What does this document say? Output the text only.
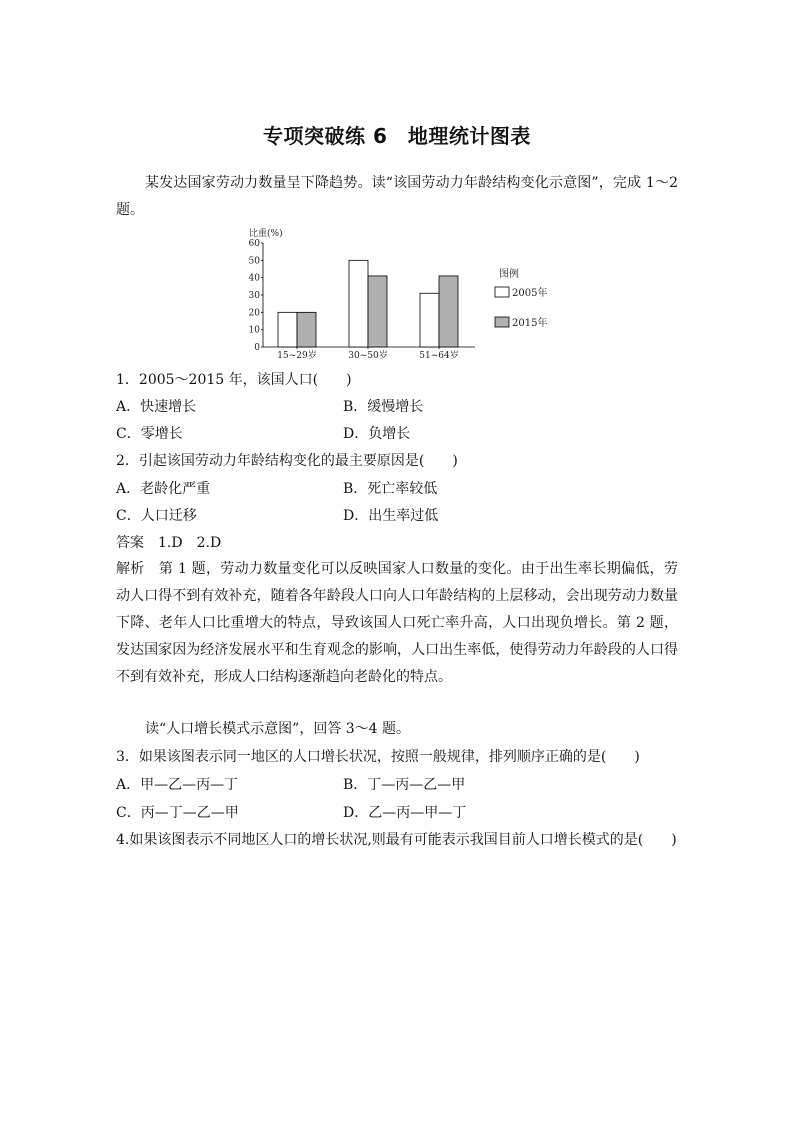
专项突破练 6　地理统计图表

某发达国家劳动力数量呈下降趋势。读“该国劳动力年龄结构变化示意图”，完成 1～2 题。

比重(%)
0
10
20
30
40
50
60
15~29岁	30~50岁	51~64岁
图例
2005年
2015年
1．2005～2015 年，该国人口(　　)
A．快速增长	B．缓慢增长
C．零增长	D．负增长
2．引起该国劳动力年龄结构变化的最主要原因是(　　)
A．老龄化严重	B．死亡率较低
C．人口迁移	D．出生率过低
答案　1.D　2.D

解析　第 1 题，劳动力数量变化可以反映国家人口数量的变化。由于出生率长期偏低，劳动人口得不到有效补充，随着各年龄段人口向人口年龄结构的上层移动，会出现劳动力数量下降、老年人口比重增大的特点，导致该国人口死亡率升高，人口出现负增长。第 2 题，发达国家因为经济发展水平和生育观念的影响，人口出生率低，使得劳动力年龄段的人口得不到有效补充，形成人口结构逐渐趋向老龄化的特点。

读“人口增长模式示意图”，回答 3～4 题。

3．如果该图表示同一地区的人口增长状况，按照一般规律，排列顺序正确的是(　　)
A．甲—乙—丙—丁	B．丁—丙—乙—甲
C．丙—丁—乙—甲	D．乙—丙—甲—丁
4.如果该图表示不同地区人口的增长状况,则最有可能表示我国目前人口增长模式的是(　　)
